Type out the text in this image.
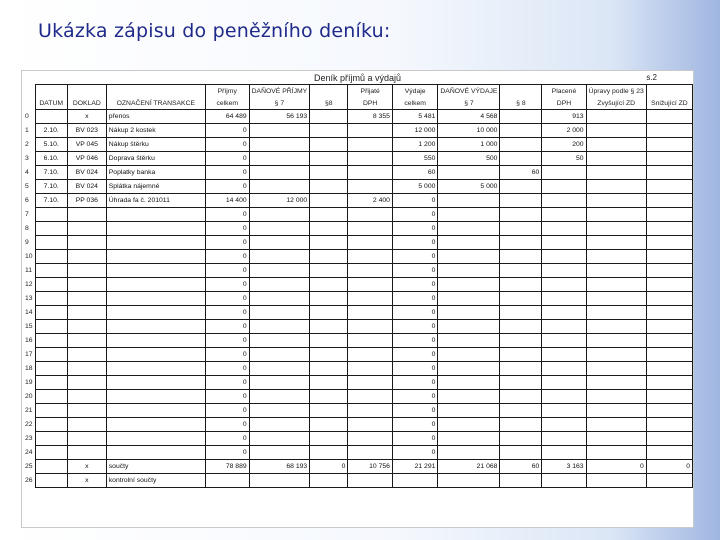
Ukázka zápisu do peněžního deníku:
Deník příjmů a výdajů	s.2
				Příjmy	DAŇOVÉ PŘÍJMY		Přijaté	Výdaje	DAŇOVÉ VÝDAJE		Placené	Úpravy podle § 23	
	DATUM	DOKLAD	OZNAČENÍ TRANSAKCE	celkem	§ 7	§8	DPH	celkem	§ 7	§ 8	DPH	Zvyšující ZD	Snižující ZD
0		x	přenos	64 489	56 193		8 355	5 481	4 568		913		
1	2.10.	BV 023	Nákup 2 kostek	0				12 000	10 000		2 000		
2	5.10.	VP 045	Nákup štěrku	0				1 200	1 000		200		
3	6.10.	VP 046	Doprava štěrku	0				550	500		50		
4	7.10.	BV 024	Poplatky banka	0				60		60			
5	7.10.	BV 024	Splátka nájemné	0				5 000	5 000				
6	7.10.	PP 036	Úhrada fa č. 201011	14 400	12 000		2 400	0					
7				0				0					
8				0				0					
9				0				0					
10				0				0					
11				0				0					
12				0				0					
13				0				0					
14				0				0					
15				0				0					
16				0				0					
17				0				0					
18				0				0					
19				0				0					
20				0				0					
21				0				0					
22				0				0					
23				0				0					
24				0				0					
25		x	součty	78 889	68 193	0	10 756	21 291	21 068	60	3 163	0	0
26		x	kontrolní součty										
